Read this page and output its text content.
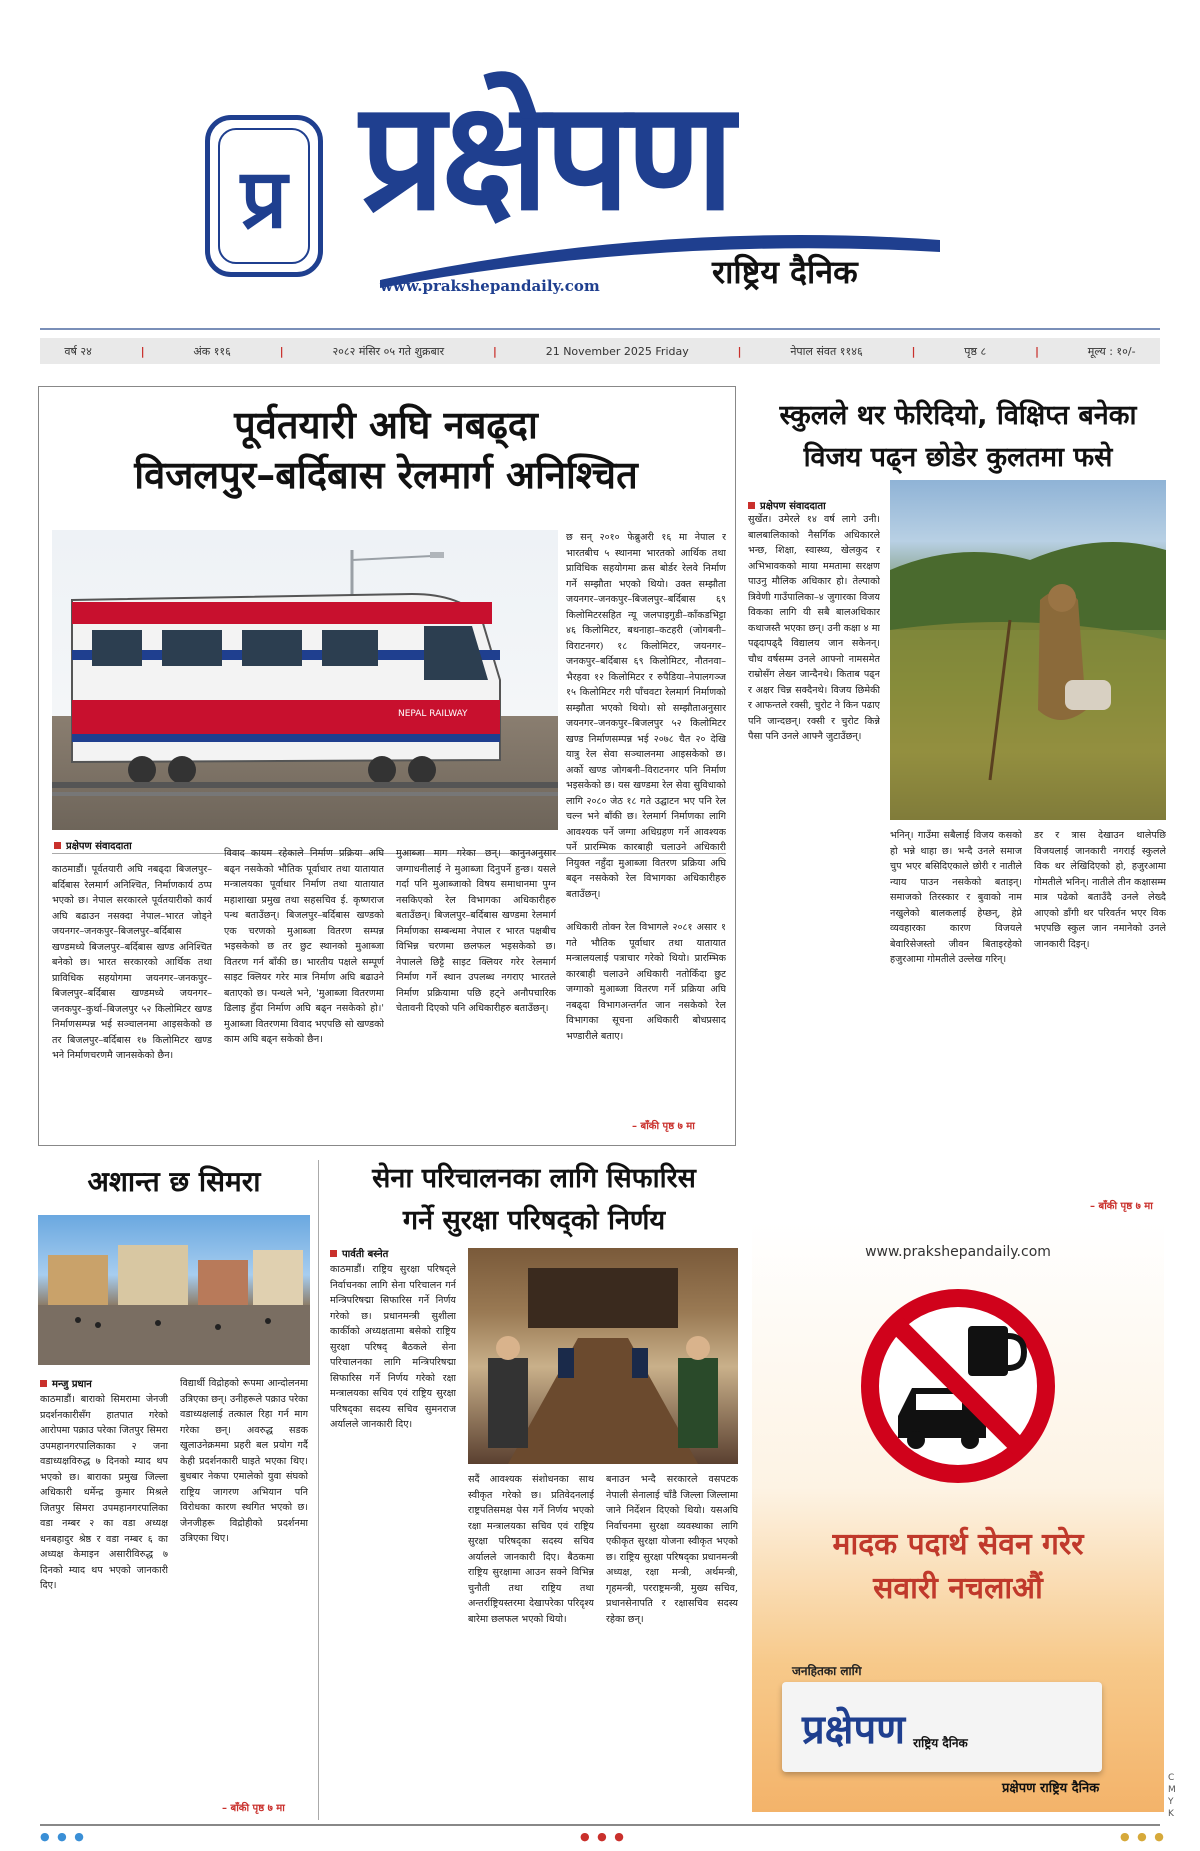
प्र प्रक्षेपण
राष्ट्रिय दैनिक
www.prakshepandaily.com
वर्ष २४	|	अंक ११६	|	२०८२ मंसिर ०५ गते शुक्रबार	|	21 November 2025 Friday	|	नेपाल संवत ११४६	|	पृष्ठ ८	|	मूल्य : १०/-
पूर्वतयारी अघि नबढ्दा
विजलपुर–बर्दिबास रेलमार्ग अनिश्चित
NEPAL RAILWAY
छ सन् २०१० फेब्रुअरी १६ मा नेपाल र भारतबीच ५ स्थानमा भारतको आर्थिक तथा प्राविधिक सहयोगमा क्रस बोर्डर रेलवे निर्माण गर्ने सम्झौता भएको थियो। उक्त सम्झौता जयनगर–जनकपुर–बिजलपुर–बर्दिबास ६९ किलोमिटरसहित न्यू जलपाइगुडी–काँकडभिट्टा ४६ किलोमिटर, बथनाहा–कटहरी (जोगबनी–विराटनगर) १८ किलोमिटर, जयनगर–जनकपुर–बर्दिबास ६९ किलोमिटर, नौतनवा–भैरहवा १२ किलोमिटर र रुपैडिया–नेपालगञ्ज १५ किलोमिटर गरी पाँचवटा रेलमार्ग निर्माणको सम्झौता भएको थियो। सो सम्झौताअनुसार जयनगर–जनकपुर–बिजलपुर ५२ किलोमिटर खण्ड निर्माणसम्पन्न भई २०७८ चैत २० देखि यात्रु रेल सेवा सञ्चालनमा आइसकेको छ। अर्को खण्ड जोगबनी–विराटनगर पनि निर्माण भइसकेको छ। यस खण्डमा रेल सेवा सुविधाको लागि २०८० जेठ १८ गते उद्घाटन भए पनि रेल चल्न भने बाँकी छ। रेलमार्ग निर्माणका लागि आवश्यक पर्ने जग्गा अधिग्रहण गर्ने आवश्यक पर्ने प्रारम्भिक कारबाही चलाउने अधिकारी नियुक्त नहुँदा मुआब्जा वितरण प्रक्रिया अघि बढ्न नसकेको रेल विभागका अधिकारीहरु बताउँछन्।
प्रक्षेपण संवाददाता
काठमाडौं। पूर्वतयारी अघि नबढ्दा बिजलपुर–बर्दिबास रेलमार्ग अनिश्चित, निर्माणकार्य ठप्प भएको छ। नेपाल सरकारले पूर्वतयारीको कार्य अघि बढाउन नसक्दा नेपाल–भारत जोड्ने जयनगर–जनकपुर–बिजलपुर–बर्दिबास खण्डमध्ये बिजलपुर–बर्दिबास खण्ड अनिश्चित बनेको छ। भारत सरकारको आर्थिक तथा प्राविधिक सहयोगमा जयनगर–जनकपुर–बिजलपुर–बर्दिबास खण्डमध्ये जयनगर–जनकपुर–कुर्था–बिजलपुर ५२ किलोमिटर खण्ड निर्माणसम्पन्न भई सञ्चालनमा आइसकेको छ तर बिजलपुर–बर्दिबास १७ किलोमिटर खण्ड भने निर्माणचरणमै जानसकेको छैन।
विवाद कायम रहेकाले निर्माण प्रक्रिया अघि बढ्न नसकेको भौतिक पूर्वाधार तथा यातायात मन्त्रालयका पूर्वाधार निर्माण तथा यातायात महाशाखा प्रमुख तथा सहसचिव ई. कृष्णराज पन्थ बताउँछन्। बिजलपुर–बर्दिबास खण्डको एक चरणको मुआब्जा वितरण सम्पन्न भइसकेको छ तर छुट स्थानको मुआब्जा वितरण गर्न बाँकी छ। भारतीय पक्षले सम्पूर्ण साइट क्लियर गरेर मात्र निर्माण अघि बढाउने बताएको छ। पन्थले भने, 'मुआब्जा वितरणमा ढिलाइ हुँदा निर्माण अघि बढ्न नसकेको हो।' मुआब्जा वितरणमा विवाद भएपछि सो खण्डको काम अघि बढ्न सकेको छैन।
मुआब्जा माग गरेका छन्। कानुनअनुसार जग्गाधनीलाई ने मुआब्जा दिनुपर्ने हुन्छ। यसले गर्दा पनि मुआब्जाको विषय समाधानमा पुग्न नसकिएको रेल विभागका अधिकारीहरु बताउँछन्। बिजलपुर–बर्दिबास खण्डमा रेलमार्ग निर्माणका सम्बन्धमा नेपाल र भारत पक्षबीच विभिन्न चरणमा छलफल भइसकेको छ। नेपालले छिट्टै साइट क्लियर गरेर रेलमार्ग निर्माण गर्ने स्थान उपलब्ध नगराए भारतले निर्माण प्रक्रियामा पछि हट्ने अनौपचारिक चेतावनी दिएको पनि अधिकारीहरु बताउँछन्।
अधिकारी तोक्न रेल विभागले २०८१ असार १ गते भौतिक पूर्वाधार तथा यातायात मन्त्रालयलाई पत्राचार गरेको थियो। प्रारम्भिक कारबाही चलाउने अधिकारी नतोकिँदा छुट जग्गाको मुआब्जा वितरण गर्ने प्रक्रिया अघि नबढ्दा विभागअन्तर्गत जान नसकेको रेल विभागका सूचना अधिकारी बोधप्रसाद भण्डारीले बताए।
– बाँकी पृष्ठ ७ मा
स्कुलले थर फेरिदियो, विक्षिप्त बनेका
विजय पढ्न छोडेर कुलतमा फसे
प्रक्षेपण संवाददाता
सुर्खेत। उमेरले १४ वर्ष लागे उनी। बालबालिकाको नैसर्गिक अधिकारले भन्छ, शिक्षा, स्वास्थ्य, खेलकुद र अभिभावकको माया ममतामा सरक्षण पाउनु मौलिक अधिकार हो। तेल्पाको त्रिवेणी गाउँपालिका–४ जुगारका विजय विकका लागि यी सबै बालअधिकार कथाजस्तै भएका छन्। उनी कक्षा ४ मा पढ्दापढ्दै विद्यालय जान सकेनन्। चौध वर्षसम्म उनले आफ्नो नामसमेत राम्रोसँग लेख्न जान्दैनथे। किताब पढ्न र अक्षर चिन्न सक्दैनथे। विजय छिमेकी र आफन्तले रक्सी, चुरोट ने किन पढाए पनि जान्दछन्। रक्सी र चुरोट किन्ने पैसा पनि उनले आफ्नै जुटाउँछन्।
भनिन्। गाउँमा सबैलाई विजय कसको हो भन्ने थाहा छ। भन्दै उनले समाज चुप भएर बसिदिएकाले छोरी र नातीले न्याय पाउन नसकेको बताइन्। समाजको तिरस्कार र बुवाको नाम नखुलेको बालकलाई हेप्छन्, हेप्ने व्यवहारका कारण विजयले बेवारिसेजस्तो जीवन बिताइरहेको हजुरआमा गोमतीले उल्लेख गरिन्।
डर र त्रास देखाउन थालेपछि विजयलाई जानकारी नगराई स्कुलले विक थर लेखिदिएको हो, हजुरआमा गोमतीले भनिन्। नातीले तीन कक्षासम्म मात्र पढेको बताउँदै उनले लेख्दै आएको डाँगी थर परिवर्तन भएर विक भएपछि स्कुल जान नमानेको उनले जानकारी दिइन्।
– बाँकी पृष्ठ ७ मा
अशान्त छ सिमरा
मन्जु प्रधान
काठमाडौं। बाराको सिमरामा जेनजी प्रदर्शनकारीसँग हातपात गरेको आरोपमा पक्राउ परेका जितपुर सिमरा उपमहानगरपालिकाका २ जना वडाध्यक्षविरुद्ध ७ दिनको म्याद थप भएको छ। बाराका प्रमुख जिल्ला अधिकारी धर्मेन्द्र कुमार मिश्रले जितपुर सिमरा उपमहानगरपालिका वडा नम्बर २ का वडा अध्यक्ष धनबहादुर श्रेष्ठ र वडा नम्बर ६ का अध्यक्ष केमाइन असारीविरुद्ध ७ दिनको म्याद थप भएको जानकारी दिए।
विद्यार्थी विद्रोहको रूपमा आन्दोलनमा उत्रिएका छन्। उनीहरूले पक्राउ परेका वडाध्यक्षलाई तत्काल रिहा गर्न माग गरेका छन्। अवरुद्ध सडक खुलाउनेक्रममा प्रहरी बल प्रयोग गर्दै केही प्रदर्शनकारी घाइते भएका थिए। बुधबार नेकपा एमालेको युवा संघको राष्ट्रिय जागरण अभियान पनि विरोधका कारण स्थगित भएको छ। जेनजीहरू विद्रोहीको प्रदर्शनमा उत्रिएका थिए।
– बाँकी पृष्ठ ७ मा
सेना परिचालनका लागि सिफारिस
गर्ने सुरक्षा परिषद्को निर्णय
पार्वती बस्नेत
काठमाडौं। राष्ट्रिय सुरक्षा परिषद्ले निर्वाचनका लागि सेना परिचालन गर्न मन्त्रिपरिषद्मा सिफारिस गर्ने निर्णय गरेको छ। प्रधानमन्त्री सुशीला कार्कीको अध्यक्षतामा बसेको राष्ट्रिय सुरक्षा परिषद् बैठकले सेना परिचालनका लागि मन्त्रिपरिषद्मा सिफारिस गर्ने निर्णय गरेको रक्षा मन्त्रालयका सचिव एवं राष्ट्रिय सुरक्षा परिषद्का सदस्य सचिव सुमनराज अर्यालले जानकारी दिए।
सदैं आवश्यक संशोधनका साथ स्वीकृत गरेको छ। प्रतिवेदनलाई राष्ट्रपतिसमक्ष पेस गर्ने निर्णय भएको रक्षा मन्त्रालयका सचिव एवं राष्ट्रिय सुरक्षा परिषद्का सदस्य सचिव अर्यालले जानकारी दिए। बैठकमा राष्ट्रिय सुरक्षामा आउन सक्ने विभिन्न चुनौती तथा राष्ट्रिय तथा अन्तर्राष्ट्रियस्तरमा देखापरेका परिदृश्य बारेमा छलफल भएको थियो।
बनाउन भन्दै सरकारले वसपटक नेपाली सेनालाई चाँडै जिल्ला जिल्लामा जाने निर्देशन दिएको थियो। यसअघि निर्वाचनमा सुरक्षा व्यवस्थाका लागि एकीकृत सुरक्षा योजना स्वीकृत भएको छ। राष्ट्रिय सुरक्षा परिषद्का प्रधानमन्त्री अध्यक्ष, रक्षा मन्त्री, अर्थमन्त्री, गृहमन्त्री, परराष्ट्रमन्त्री, मुख्य सचिव, प्रधानसेनापति र रक्षासचिव सदस्य रहेका छन्।
www.prakshepandaily.com
मादक पदार्थ सेवन गरेर
सवारी नचलाऔं
जनहितका लागि
प्रक्षेपण राष्ट्रिय दैनिक
प्रक्षेपण राष्ट्रिय दैनिक
● ● ●	● ● ●	● ● ●
C M Y K
